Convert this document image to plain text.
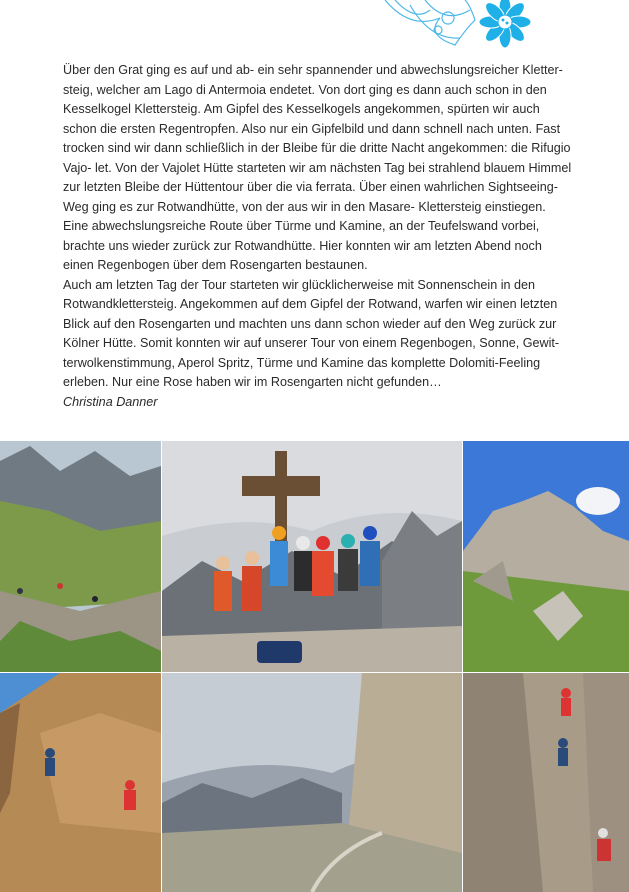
Über den Grat ging es auf und ab- ein sehr spannender und abwechslungsreicher Kletter- steig, welcher am Lago di Antermoia endetet. Von dort ging es dann auch schon in den Kesselkogel Klettersteig. Am Gipfel des Kesselkogels angekommen, spürten wir auch schon die ersten Regentropfen. Also nur ein Gipfelbild und dann schnell nach unten. Fast trocken sind wir dann schließlich in der Bleibe für die dritte Nacht angekommen: die Rifugio Vajo- let. Von der Vajolet Hütte starteten wir am nächsten Tag bei strahlend blauem Himmel zur letzten Bleibe der Hüttentour über die via ferrata. Über einen wahrlichen Sightseeing-Weg ging es zur Rotwandhütte, von der aus wir in den Masare- Klettersteig einstiegen.

Eine abwechslungsreiche Route über Türme und Kamine, an der Teufelswand vorbei, brachte uns wieder zurück zur Rotwandhütte. Hier konnten wir am letzten Abend noch einen Regenbogen über dem Rosengarten bestaunen.

Auch am letzten Tag der Tour starteten wir glücklicherweise mit Sonnenschein in den Rotwandklettersteig. Angekommen auf dem Gipfel der Rotwand, warfen wir einen letzten Blick auf den Rosengarten und machten uns dann schon wieder auf den Weg zurück zur Kölner Hütte. Somit konnten wir auf unserer Tour von einem Regenbogen, Sonne, Gewit- terwolkenstimmung, Aperol Spritz, Türme und Kamine das komplette Dolomiti-Feeling erleben. Nur eine Rose haben wir im Rosengarten nicht gefunden…

Christina Danner
